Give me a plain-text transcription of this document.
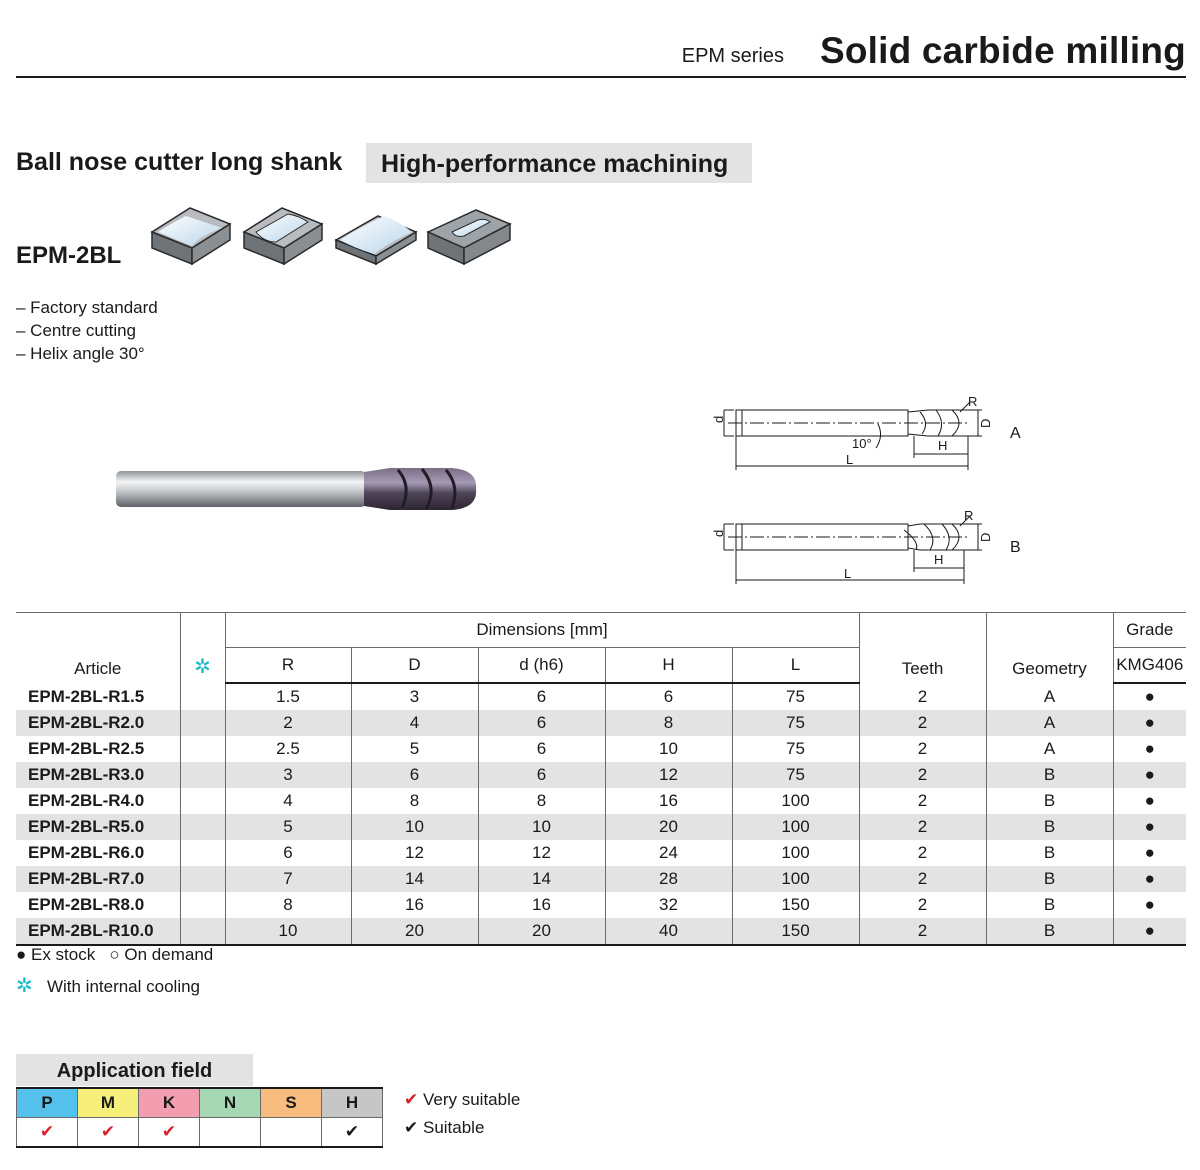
EPM series Solid carbide milling
Ball nose cutter long shank	High-performance machining
EPM-2BL
– Factory standard
– Centre cutting
– Helix angle 30°
d
R
D
10°	H
L
A
d
R
D
H
L
B
Article	✲	Dimensions [mm]					Teeth	Geometry	Grade
		R	D	d (h6)	H	L			KMG406
EPM-2BL-R1.5		1.5	3	6	6	75	2	A	●
EPM-2BL-R2.0		2	4	6	8	75	2	A	●
EPM-2BL-R2.5		2.5	5	6	10	75	2	A	●
EPM-2BL-R3.0		3	6	6	12	75	2	B	●
EPM-2BL-R4.0		4	8	8	16	100	2	B	●
EPM-2BL-R5.0		5	10	10	20	100	2	B	●
EPM-2BL-R6.0		6	12	12	24	100	2	B	●
EPM-2BL-R7.0		7	14	14	28	100	2	B	●
EPM-2BL-R8.0		8	16	16	32	150	2	B	●
EPM-2BL-R10.0		10	20	20	40	150	2	B	●
● Ex stock ○ On demand
✲ With internal cooling
Application field
P	M	K	N	S	H
✔	✔	✔			✔
✔ Very suitable
✔ Suitable
